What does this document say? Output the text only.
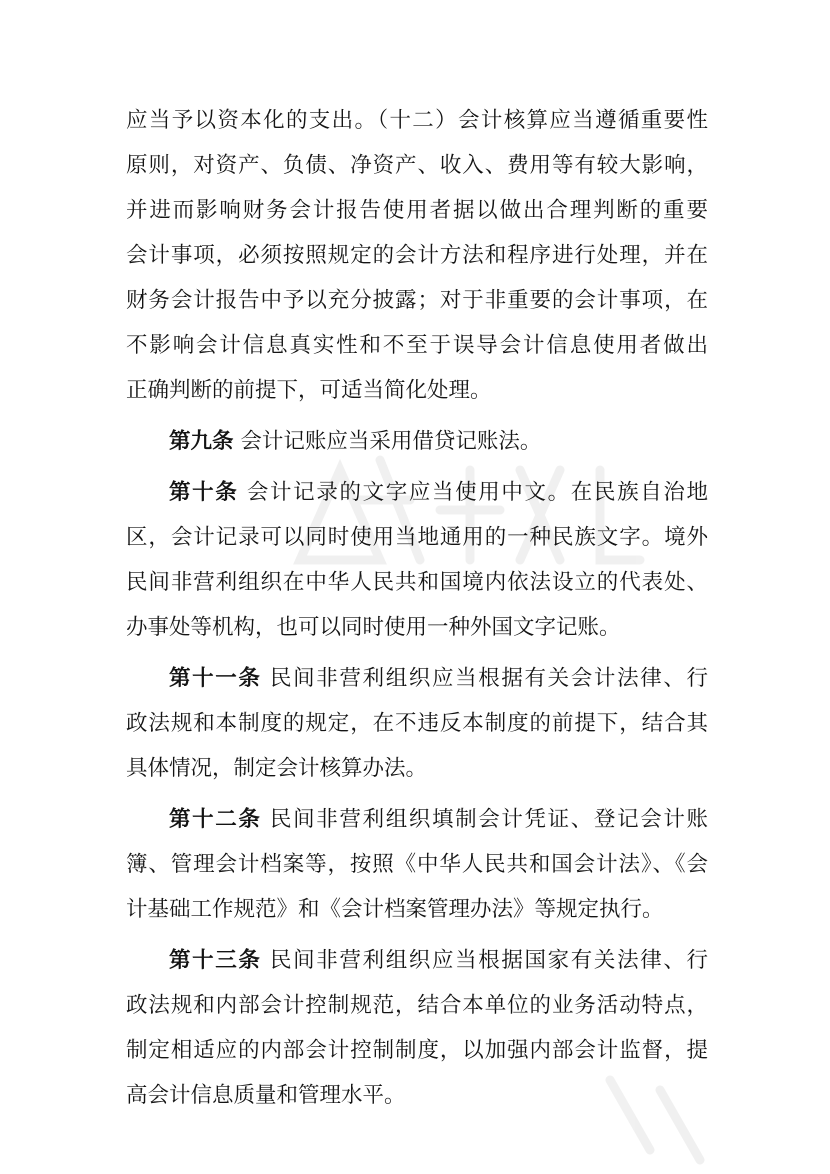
应当予以资本化的支出。（十二）会计核算应当遵循重要性
原则，对资产、负债、净资产、收入、费用等有较大影响，
并进而影响财务会计报告使用者据以做出合理判断的重要
会计事项，必须按照规定的会计方法和程序进行处理，并在
财务会计报告中予以充分披露；对于非重要的会计事项，在
不影响会计信息真实性和不至于误导会计信息使用者做出
正确判断的前提下，可适当简化处理。
第九条 会计记账应当采用借贷记账法。
第十条 会计记录的文字应当使用中文。在民族自治地
区，会计记录可以同时使用当地通用的一种民族文字。境外
民间非营利组织在中华人民共和国境内依法设立的代表处、
办事处等机构，也可以同时使用一种外国文字记账。
第十一条 民间非营利组织应当根据有关会计法律、行
政法规和本制度的规定，在不违反本制度的前提下，结合其
具体情况，制定会计核算办法。
第十二条 民间非营利组织填制会计凭证、登记会计账
簿、管理会计档案等，按照《中华人民共和国会计法》、《会
计基础工作规范》和《会计档案管理办法》等规定执行。
第十三条 民间非营利组织应当根据国家有关法律、行
政法规和内部会计控制规范，结合本单位的业务活动特点，
制定相适应的内部会计控制制度，以加强内部会计监督，提
高会计信息质量和管理水平。
